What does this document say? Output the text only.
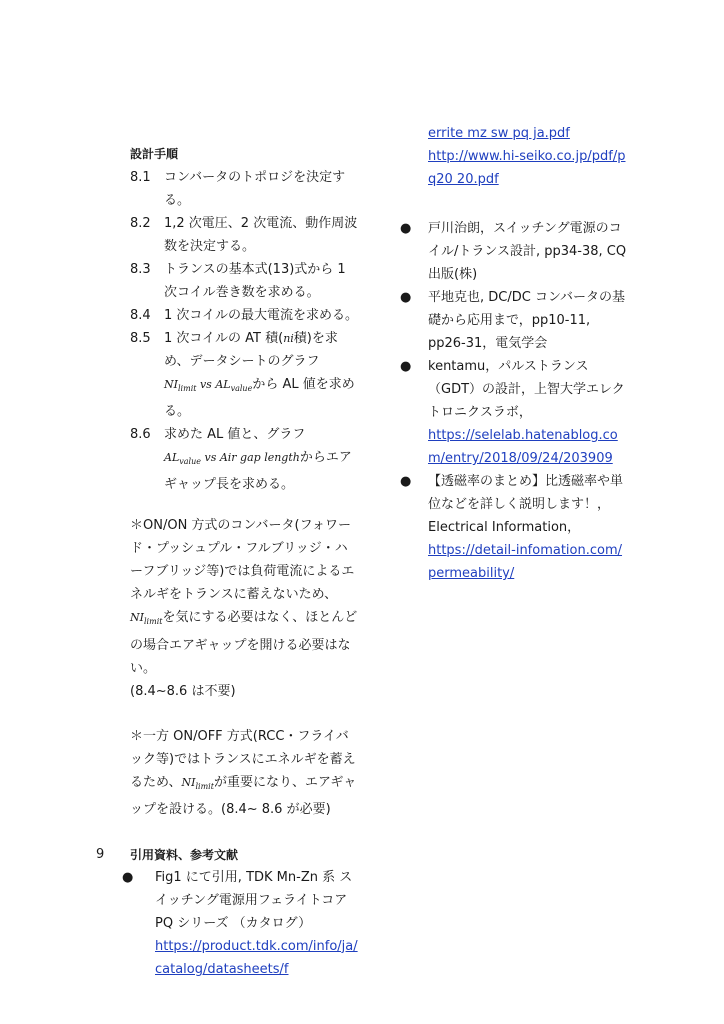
設計手順
8.1	コンバータのトポロジを決定する。
8.2	1,2 次電圧、2 次電流、動作周波数を決定する。
8.3	トランスの基本式(13)式から 1 次コイル巻き数を求める。
8.4	1 次コイルの最大電流を求める。
8.5	1 次コイルの AT 積(ni積)を求め、データシートのグラフ
$NI_{limit}$ vs $AL_{value}$から AL 値を求める。
8.6	求めた AL 値と、グラフ
$AL_{value}$ vs Air gap lengthからエアギャップ長を求める。

＊ON/ON 方式のコンバータ(フォワード・プッシュプル・フルブリッジ・ハーフブリッジ等)では負荷電流によるエネルギをトランスに蓄えないため、$NI_{limit}$を気にする必要はなく、ほとんどの場合エアギャップを開ける必要はない。

(8.4~8.6 は不要)

＊一方 ON/OFF 方式(RCC・フライバック等)ではトランスにエネルギを蓄えるため、$NI_{limit}$が重要になり、エアギャップを設ける。(8.4~ 8.6 が必要)

9 引用資料、参考文献
● Fig1 にて引用, TDK Mn-Zn 系 スイッチング電源用フェライトコア PQ シリーズ （カタログ）
https://product.tdk.com/info/ja/catalog/datasheets/f
errite mz sw pq ja.pdf
http://www.hi-seiko.co.jp/pdf/pq20 20.pdf
● 戸川治朗，スイッチング電源のコイル/トランス設計, pp34-38, CQ 出版(株)
● 平地克也, DC/DC コンバータの基礎から応用まで，pp10-11, pp26-31，電気学会
● kentamu，パルストランス（GDT）の設計，上智大学エレクトロニクスラボ，
https://selelab.hatenablog.com/entry/2018/09/24/203909
● 【透磁率のまとめ】比透磁率や単位などを詳しく説明します！，Electrical Information，
https://detail-infomation.com/permeability/
